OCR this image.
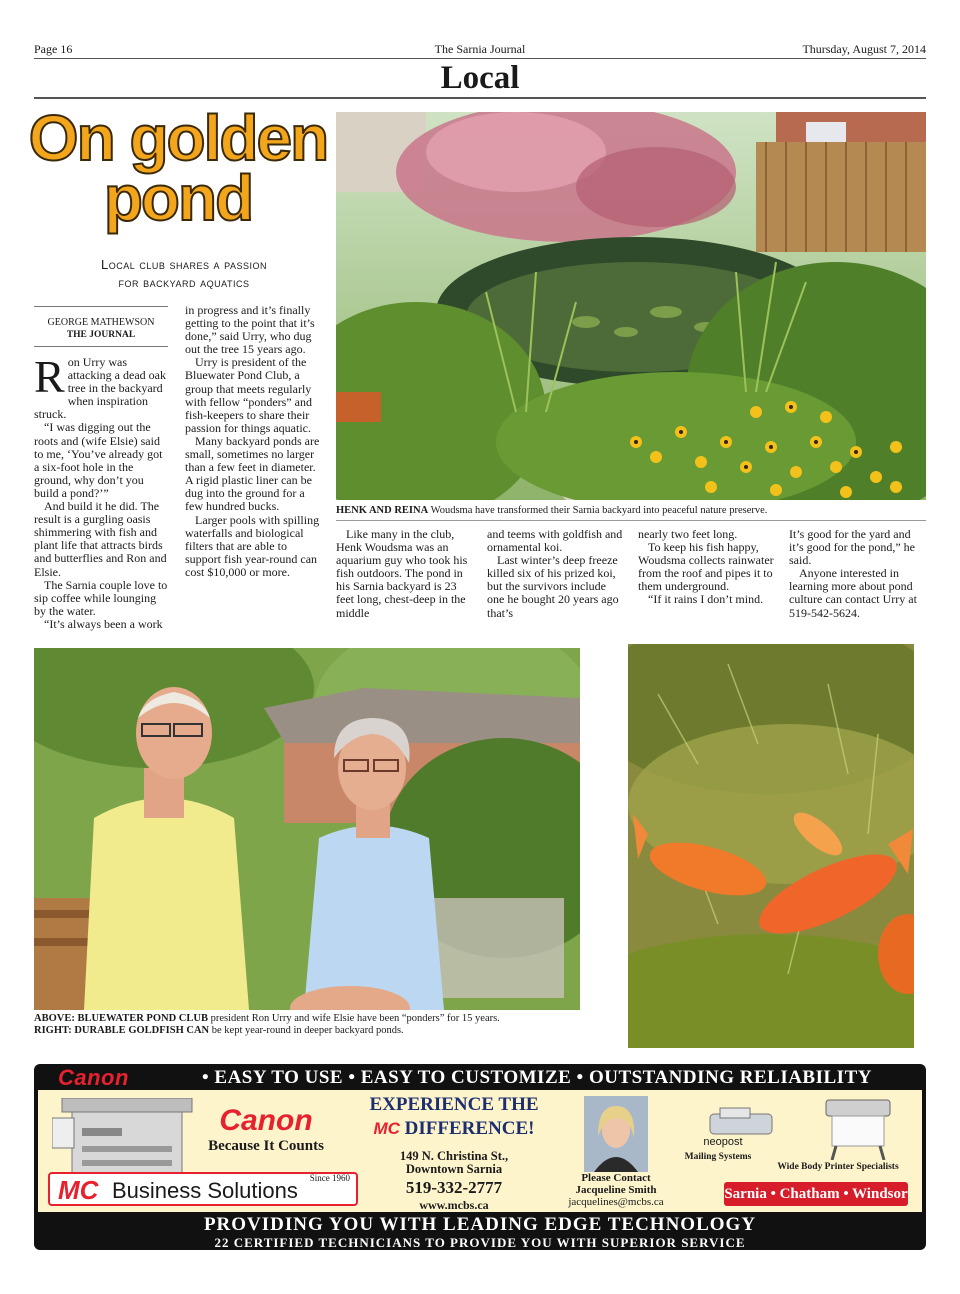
Page 16	The Sarnia Journal	Thursday, August 7, 2014
Local
On golden
pond
Local club shares a passion
for backyard aquatics
GEORGE MATHEWSON
THE JOURNAL
R on Urry was attacking a dead oak tree in the backyard when inspiration struck.

“I was digging out the roots and (wife Elsie) said to me, ‘You’ve already got a six-foot hole in the ground, why don’t you build a pond?’”

And build it he did. The result is a gurgling oasis shimmering with fish and plant life that attracts birds and butterflies and Ron and Elsie.

The Sarnia couple love to sip coffee while lounging by the water.

“It’s always been a work

in progress and it’s finally getting to the point that it’s done,” said Urry, who dug out the tree 15 years ago.

Urry is president of the Bluewater Pond Club, a group that meets regularly with fellow “ponders” and fish-keepers to share their passion for things aquatic.

Many backyard ponds are small, sometimes no larger than a few feet in diameter. A rigid plastic liner can be dug into the ground for a few hundred bucks.

Larger pools with spilling waterfalls and biological filters that are able to support fish year-round can cost $10,000 or more.

HENK AND REINA Woudsma have transformed their Sarnia backyard into peaceful nature preserve.

Like many in the club, Henk Woudsma was an aquarium guy who took his fish outdoors. The pond in his Sarnia backyard is 23 feet long, chest-deep in the middle

and teems with goldfish and ornamental koi.

Last winter’s deep freeze killed six of his prized koi, but the survivors include one he bought 20 years ago that’s

nearly two feet long.

To keep his fish happy, Woudsma collects rainwater from the roof and pipes it to them underground.

“If it rains I don’t mind.

It’s good for the yard and it’s good for the pond,” he said.

Anyone interested in learning more about pond culture can contact Urry at 519-542-5624.

ABOVE: BLUEWATER POND CLUB president Ron Urry and wife Elsie have been “ponders” for 15 years.
RIGHT: DURABLE GOLDFISH CAN be kept year-round in deeper backyard ponds.
Canon	• EASY TO USE • EASY TO CUSTOMIZE • OUTSTANDING RELIABILITY
Canon
Because It Counts
MC Business Solutions Since 1960
EXPERIENCE THE
MC DIFFERENCE!
149 N. Christina St.,
Downtown Sarnia
519-332-2777
www.mcbs.ca
Please Contact
Jacqueline Smith
jacquelines@mcbs.ca
neopost
Mailing Systems
Wide Body Printer Specialists
Sarnia • Chatham • Windsor
PROVIDING YOU WITH LEADING EDGE TECHNOLOGY
22 CERTIFIED TECHNICIANS TO PROVIDE YOU WITH SUPERIOR SERVICE
